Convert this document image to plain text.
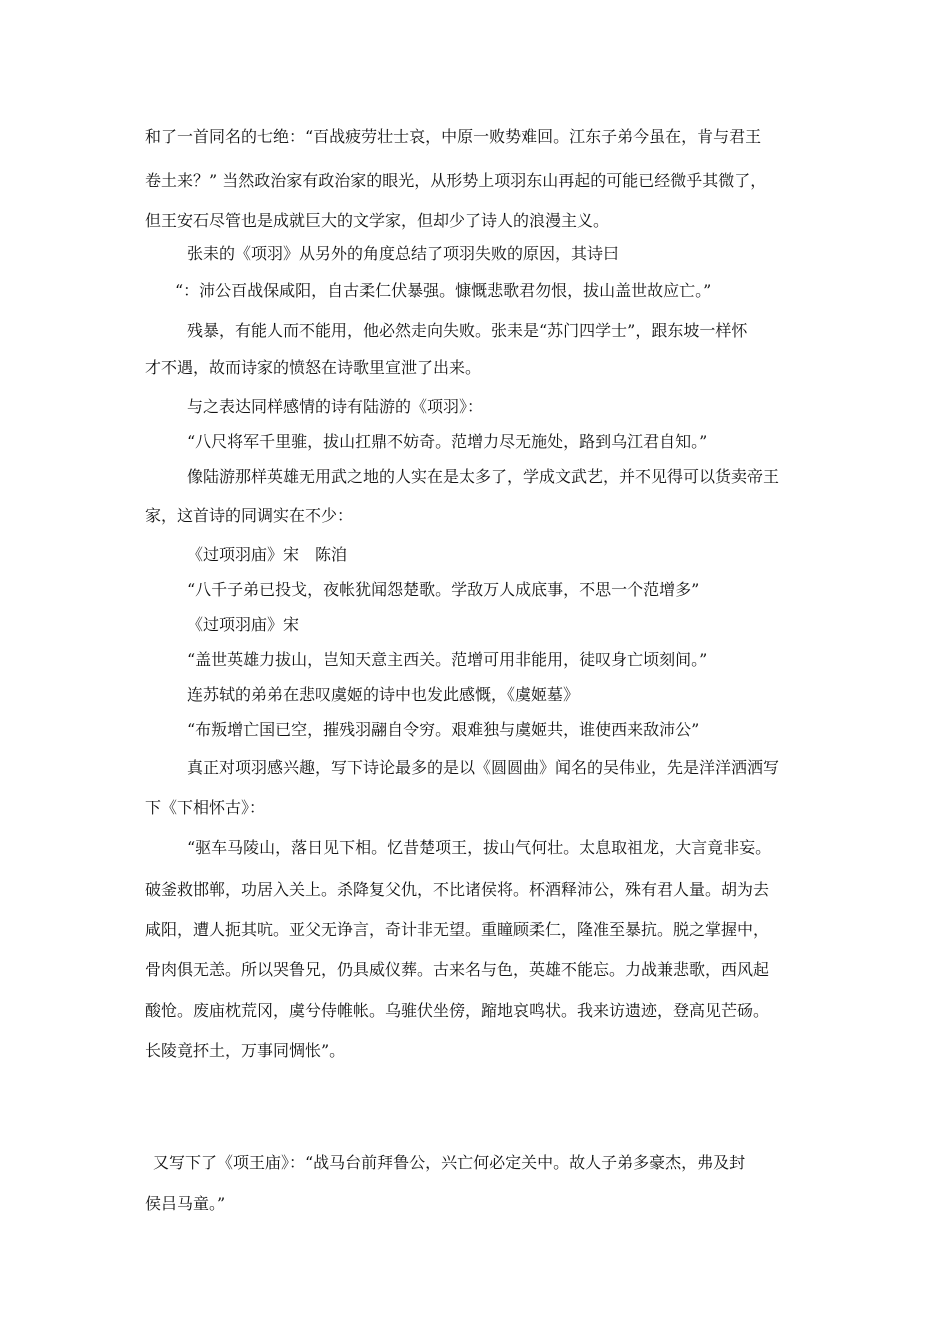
和了一首同名的七绝：“百战疲劳壮士哀，中原一败势难回。江东子弟今虽在，肯与君王
卷土来？” 当然政治家有政治家的眼光，从形势上项羽东山再起的可能已经微乎其微了，
但王安石尽管也是成就巨大的文学家，但却少了诗人的浪漫主义。
张耒的《项羽》从另外的角度总结了项羽失败的原因，其诗曰
“：沛公百战保咸阳，自古柔仁伏暴强。慷慨悲歌君勿恨，拔山盖世故应亡。”
残暴，有能人而不能用，他必然走向失败。张耒是“苏门四学士”，跟东坡一样怀
才不遇，故而诗家的愤怒在诗歌里宣泄了出来。
与之表达同样感情的诗有陆游的《项羽》：
“八尺将军千里骓，拔山扛鼎不妨奇。范增力尽无施处，路到乌江君自知。”
像陆游那样英雄无用武之地的人实在是太多了，学成文武艺，并不见得可以货卖帝王
家，这首诗的同调实在不少：
《过项羽庙》宋　陈洎
“八千子弟已投戈，夜帐犹闻怨楚歌。学敌万人成底事，不思一个范增多”
《过项羽庙》宋
“盖世英雄力拔山，岂知天意主西关。范增可用非能用，徒叹身亡顷刻间。”
连苏轼的弟弟在悲叹虞姬的诗中也发此感慨，《虞姬墓》
“布叛增亡国已空，摧残羽翮自令穷。艰难独与虞姬共，谁使西来敌沛公”
真正对项羽感兴趣，写下诗论最多的是以《圆圆曲》闻名的吴伟业，先是洋洋洒洒写
下《下相怀古》：
“驱车马陵山，落日见下相。忆昔楚项王，拔山气何壮。太息取祖龙，大言竟非妄。
破釜救邯郸，功居入关上。杀降复父仇，不比诸侯将。杯酒释沛公，殊有君人量。胡为去
咸阳，遭人扼其吭。亚父无诤言，奇计非无望。重瞳顾柔仁，隆准至暴抗。脱之掌握中，
骨肉俱无恙。所以哭鲁兄，仍具威仪葬。古来名与色，英雄不能忘。力战兼悲歌，西风起
酸怆。废庙枕荒冈，虞兮侍帷帐。乌骓伏坐傍，蹜地哀鸣状。我来访遗迹，登高见芒砀。
长陵竟抔土，万事同惆怅”。
又写下了《项王庙》：“战马台前拜鲁公，兴亡何必定关中。故人子弟多豪杰，弗及封
侯吕马童。”
